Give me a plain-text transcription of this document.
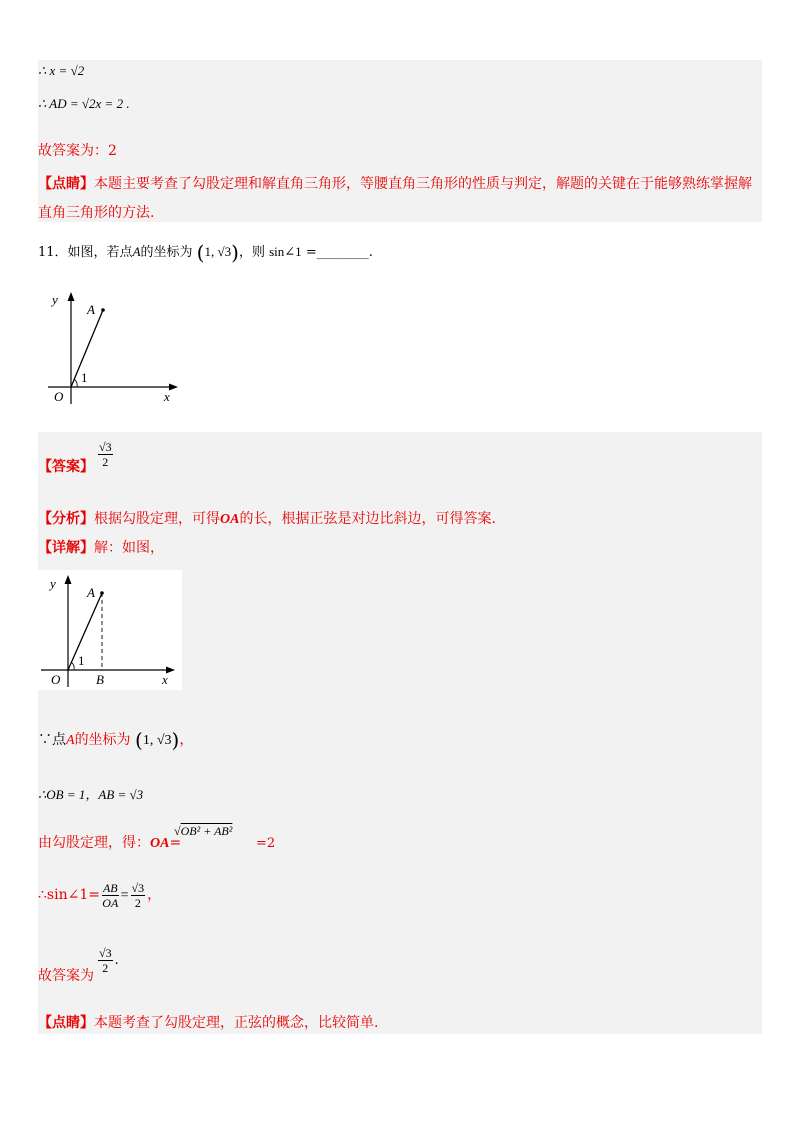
∴ x = √2
∴ AD = √2x = 2 .
故答案为：2
【点睛】本题主要考查了勾股定理和解直角三角形，等腰直角三角形的性质与判定，解题的关键在于能够熟练掌握解
直角三角形的方法.
11．如图，若点A的坐标为 (1, √3)，则 sin∠1 =________.
y
A
1
O	x
【答案】 $\frac{√3}{2}$
【分析】根据勾股定理，可得OA的长，根据正弦是对边比斜边，可得答案.
【详解】解：如图，
y
A
1
O	B	x
∵点A的坐标为 (1, √3)，
∴OB = 1，AB = √3
由勾股定理，得：OA=
√OB² + AB²
=2
∴sin∠1= $\frac{AB}{OA} = \frac{√3}{2}$ ，
故答案为
$\frac{√3}{2}$ .
【点睛】本题考查了勾股定理，正弦的概念，比较简单.
